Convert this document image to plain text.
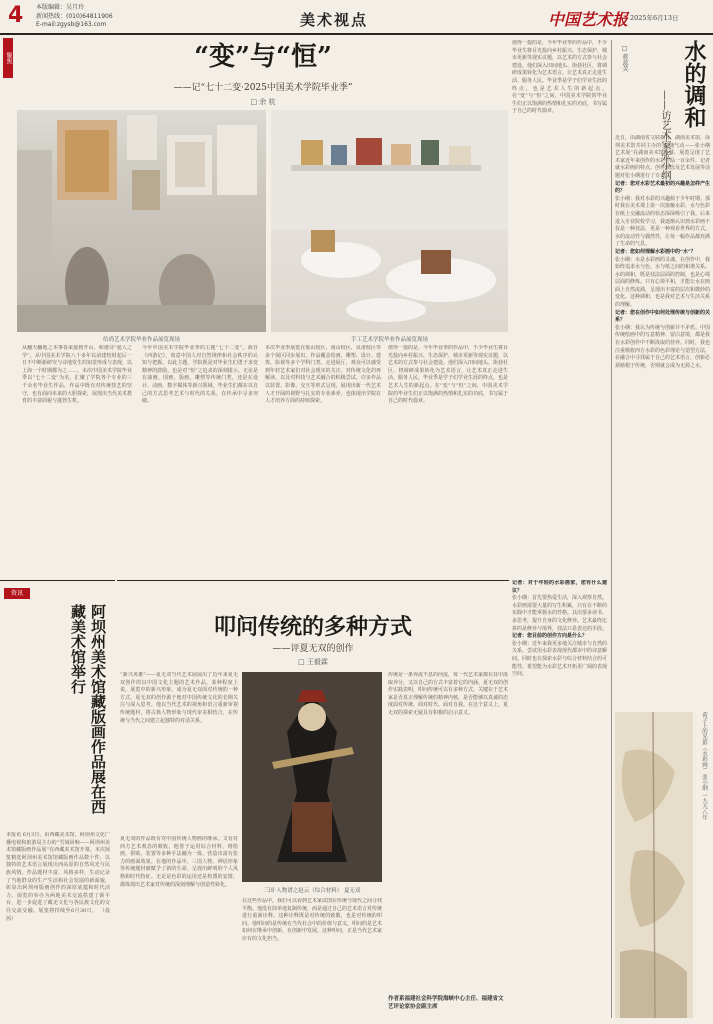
4 本版编辑：吴月玲
新闻热线：(010)64811906
E-mail:zgysb@163.com	美术视点	中国艺术报 2025年6月13日
聚焦	“变”与“恒”
——记“七十二变·2025中国美术学院毕业季”
□ 余 杭
给尚艺术学院毕业作品展览现场	手工艺术学院毕业作品展览现场
从翻天翻地之本事春来接到开山，和谐诗“通人之学”。从中国美术学院八十多年以前建校时起后一日不中断新研究与诗地发生的知觉形成与表现，以上海一个时期都为之……，本次中国美术学院毕业季以“七十二变”为名，汇聚了学院各个专业的三千余名毕业生作品。作品中既有对传统技艺的坚守，也有面向未来的大胆探索，展现出当代美术教育的丰富面貌与蓬勃生机。
今年中国美术学院毕业季的主题“七十二变”，源自《西游记》，寓意中国人对自然规律和社会秩序的认知与把握。以此主题，学院既是对毕业生们勇于求变精神的鼓励，也是对“恒”之追求的深刻提示。无论是在油画、国画、版画、雕塑等传统门类，还是在设计、动画、数字媒体等新兴领域，毕业生们都在以自己的方式思考艺术与时代的关系，在传承中寻求突破。
本次毕业季展览在象山校区、南山校区、良渚校区等多个展区同步展出，作品覆盖绘画、雕塑、设计、建筑、影视等多个学科门类。走进展厅，观众可以感受到年轻艺术家们对社会现实的关注，对传统文化的再解读，以及对科技与艺术融合的积极尝试。许多作品以装置、影像、交互等形式呈现，展现出新一代艺术人才开阔的视野与扎实的专业素养，也体现出学院在人才培养方面的持续探索。
值得一提的是，今年毕业季的作品中，不少毕业生将目光投向乡村振兴、生态保护、城市更新等现实议题，以艺术的方式参与社会建设。他们深入田间地头、街巷社区，将调研成果转化为艺术语言，让艺术真正走进生活、服务人民。毕业季是学子们学业生涯的终点，也是艺术人生的新起点。在“变”与“恒”之间，中国美术学院的毕业生们正以饱满的热情和扎实的功底，书写属于自己的时代篇章。
值得一提的是，今年毕业季的作品中，不少毕业生将目光投向乡村振兴、生态保护、城市更新等现实议题，以艺术的方式参与社会建设。他们深入田间地头、街巷社区，将调研成果转化为艺术语言，让艺术真正走进生活、服务人民。毕业季是学子们学业生涯的终点，也是艺术人生的新起点。在“变”与“恒”之间，中国美术学院的毕业生们正以饱满的热情和扎实的功底，书写属于自己的时代篇章。
资讯
阿坝州美术馆藏版画作品展在西藏美术馆举行
本报讯 6月3日，由西藏美术馆、阿坝州文化广播电视和旅游局主办的“雪域回响——阿坝州美术馆藏版画作品展”在西藏美术馆开幕。本次展览精选阿坝州美术馆馆藏版画作品数十件，以独特的艺术语言展现川西高原的自然风光与民族风情。作品题材丰富、风格多样，生动记录了当地群众的生产生活和社会发展的新面貌，彰显出阿坝州版画创作的深厚底蕴和时代活力。展览的举办为两地美术交流搭建了新平台，进一步促进了藏羌文化与各民族文化的交往交流交融。展览将持续至6月30日。 （晨 茜）
叩问传统的多种方式
——评夏无双的创作
□ 王毅霖
“新兴英雄”——夏无双当代艺术展展出了近年来夏无双创作的以中国文化主题的艺术作品，某种程度上说，展览中的新兴形象，成为夏无双面对传统的一种方式。夏无双的创作源于他对中国传统文化的长期关注与深入思考。他以当代艺术的视角和语言重新审视传统题材，将古典人物形象与现代审美相结合，在传统与当代之间建立起独特的对话关系。
三国·人物谱之赵云（综合材料） 夏无双
夏无双的作品既有对中国传统人物画的继承，又有对西方艺术观念的吸收。他善于运用综合材料，将绘画、拼贴、装置等多种手法融为一体，营造出富有张力的画面效果。在他的作品中，三国人物、神话形象等传统题材被赋予了新的生命，呈现出鲜明的个人风格和时代特征。无论是色彩的运用还是构图的安排，都体现出艺术家对传统的深刻理解与创造性转化。
在这些作品中，我们可以看到艺术家试图在传统与现代之间寻找平衡。他没有简单地复制传统，而是通过自己的艺术语言对传统进行重新诠释。这种诠释既是对传统的致敬，也是对传统的叩问。他叩问的是传统在当代社会中的价值与意义，叩问的是艺术如何在继承中创新、在创新中发展。这种叩问，正是当代艺术家应有的文化担当。
传统是一条奔流不息的河流，每一代艺术家都在其中汲取养分，又以自己的方式丰富着它的内涵。夏无双的创作实践表明，叩问传统可以有多种方式，关键在于艺术家是否真正理解传统的精神内核，是否能够以真诚的态度面对传统、面对时代、面对自我。在这个意义上，夏无双的探索无疑具有积极的启示意义。
作者系福建社会科学院海峡中心主任、福建省文艺评论家协会副主席
水的调和
——访艺术家张小纲
□ 蒋蕊芙
近日，由湖南省文联指导，湖南美术馆、深圳美术馆共同主办的“韵随气动——张小纲艺术展”在湖南美术馆开幕，展览呈现了艺术家近年来创作的水彩作品一百余件。记者就水彩画的特点、创作理念及艺术发展等话题对张小纲进行了专访。
记者：您对水彩艺术最初的兴趣是怎样产生的？
张小纲：我对水彩的兴趣源于少年时期。那时我在美术课上第一次接触水彩，水与色彩在纸上交融流动的状态深深吸引了我。后来进入专业院校学习，我逐渐认识到水彩画不仅是一种技法，更是一种观看世界的方式。水的流动性与偶然性，让每一幅作品都充满了生命的气息。
记者：您如何理解水彩画中的“水”？
张小纲：水是水彩画的灵魂。在创作中，我始终追求水与色、水与纸之间的和谐关系。水的调和，既是技法层面的控制，也是心境层面的修炼。只有心境平和，才能让水在画面上自然流淌，呈现出丰富的层次和微妙的变化。这种调和，也是我对艺术与生活关系的理解。
记者：您在创作中如何处理传统与创新的关系？
张小纲：我认为传统与创新并不矛盾。中国传统绘画中的写意精神、留白意境，都是我在水彩创作中不断汲取的营养。同时，我也注重吸收西方水彩的色彩理论与造型方法，在融合中寻找属于自己的艺术语言。创新必须植根于传统，否则就会成为无源之水。
记者：对于年轻的水彩画家，您有什么建议？
张小纲：首先要热爱生活，深入观察自然。水彩画需要大量的写生积累，只有在不断的实践中才能掌握水的性格。其次要多读书、多思考，提升自身的文化修养。艺术最终比拼的是修养与境界，技法只是表达的手段。
记者：您目前的创作方向是什么？
张小纲：近年来我更多地关注城市与自然的关系，尝试用水彩表现现代都市中的诗意瞬间。同时也在探索水彩与综合材料结合的可能性，希望能为水彩艺术开拓更广阔的表现空间。
荷子上的光影（水彩画） 张小纲 一九九八年
